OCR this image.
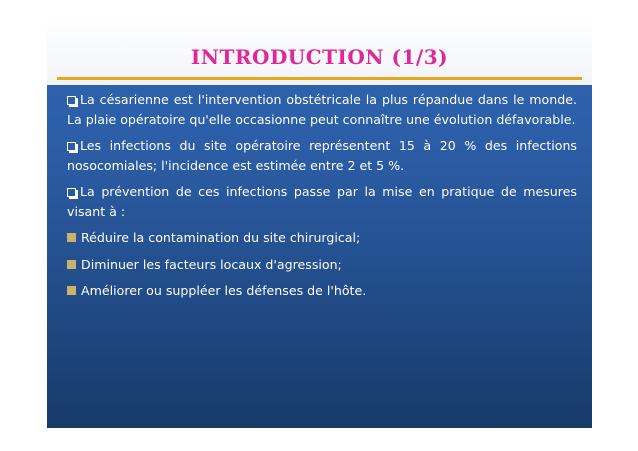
INTRODUCTION (1/3)

La césarienne est l'intervention obstétricale la plus répandue dans le monde. La plaie opératoire qu'elle occasionne peut connaître une évolution défavorable.

Les infections du site opératoire représentent 15 à 20 % des infections nosocomiales; l'incidence est estimée entre 2 et 5 %.

La prévention de ces infections passe par la mise en pratique de mesures visant à :

Réduire la contamination du site chirurgical;
Diminuer les facteurs locaux d'agression;
Améliorer ou suppléer les défenses de l'hôte.
